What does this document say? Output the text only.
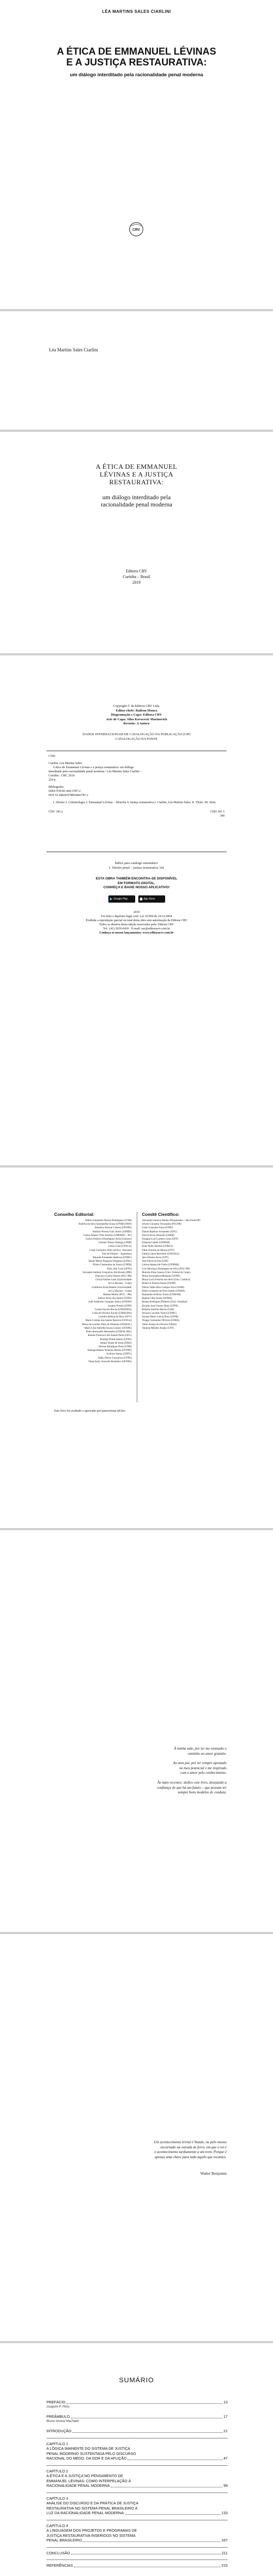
LÉA MARTINS SALES CIARLINI
A ÉTICA DE EMMANUEL LÉVINAS
E A JUSTIÇA RESTAURATIVA:
um diálogo interditado pela racionalidade penal moderna
CRV
Léa Martins Sales Ciarlini
A ÉTICA DE EMMANUEL
LÉVINAS E A JUSTIÇA
RESTAURATIVA:
um diálogo interditado pela
racionalidade penal moderna
Editora CRV
Curitiba – Brasil
2019
Copyright © da Editora CRV Ltda.
Editor-chefe: Railson Moura
Diagramação e Capa: Editora CRV
Arte de Capa: Silzo Kovacevic Marinovich
Revisão: A Autora
DADOS INTERNACIONAIS DE CATALOGAÇÃO NA PUBLICAÇÃO (CIP)
CATALOGAÇÃO NA FONTE
C566
Ciarlini, Léa Martins Sales.
A ética de Emmanuel Lévinas e a justiça restaurativa: um diálogo
interditado pela racionalidade penal moderna / Léa Martins Sales Ciarlini –
Curitiba : CRV, 2019.
224 p.
Bibliografia
ISBN 978-85-444-3787-2
DOI 10.24824/978854443787.2
1. Direito 2. Criminologia 3. Emmanuel Lévinas – filosofia 4. Justiça restaurativa I. Ciarlini, Léa Martins Sales. II. Título. III. Série.
CDU 343.2	CDD 341.5
340
Índice para catálogo sistemático
1. Direito penal – justiça restaurativa 341
ESTA OBRA TAMBÉM ENCONTRA-SE DISPONÍVEL
EM FORMATO DIGITAL.
CONHEÇA E BAIXE NOSSO APLICATIVO!
Google Play	App Store
2019
Foi feito o depósito legal conf. Lei 10.994 de 14/12/2004
Proibida a reprodução parcial ou total desta obra sem autorização da Editora CRV
Todos os direitos desta edição reservados pela: Editora CRV
Tel.: (41) 3039-6418 - E-mail: sac@editoracrv.com.br
Conheça os nossos lançamentos: www.editoracrv.com.br
Conselho Editorial:	Comitê Científico:
Aldira Guimarães Duarte Domínguez (UNB)
Andréia da Silva Quintanilha Sousa (UNIR/UFRN)
Anselmo Alencar Colares (UFOPA)
Antônio Pereira Gaio Júnior (UFRRJ)
Carlos Alberto Vilar Estêvão (UMINHO – PT)
Carlos Federico Dominguez Avila (Unieuro)
Carmen Tereza Velanga (UNIR)
Celso Conti (UFSCar)
Cesar Gerónimo Tello (Univer .Nacional
Três de Febrero – Argentina)
Eduardo Fernandes Barbosa (UFMG)
Elione Maria Nogueira Diogenes (UFAL)
Elizeu Clementino de Souza (UNEB)
Élsio José Corá (UFFS)
Fernando Antônio Gonçalves Alcoforado (IPB)
Francisco Carlos Duarte (PUC-PR)
Gloria Fariñas León (Universidade
de La Havana – Cuba)
Guillermo Arias Beatón (Universidade
de La Havana – Cuba)
Helmut Muller (PUC – PR)
Jailson Alves dos Santos (UFRJ)
João Adalberto Campato Junior (UNESP)
Josania Portela (UFPI)
Leonel Severo Rocha (UNISINOS)
Lídia de Oliveira Xavier (UNIEURO)
Lourdes Helena da Silva (UFV)
Maria Cristina dos Santos Bezerra (UFSCar)
Maria de Lourdes Pinto de Almeida (UNOESC)
Maria Lília Imbiriba Sousa Colares (UFOPA)
Paulo Romualdo Hernandes (UNIFAL-MG)
Renato Francisco dos Santos Paula (UFG)
Rodrigo Pratte-Santos (UFES)
Sérgio Nunes de Jesus (IFRO)
Simone Rodrigues Pinto (UNB)
Solange Helena Ximenes-Rocha (UFOPA)
Sydione Santos (UEPG)
Tadeu Oliver Gonçalves (UFPA)
Tania Suely Azevedo Brasileiro (UFOPA)
Alexandre Saraiva Dantas (Pesquisador – São Paulo/SP)
Alvaro Gonzalez Fernandez (PUCPR)
Celso Gonzalez Fiuza (UFRJ)
Daniel Ramirez Fernandez (UFU)
Deivid Alves Almeida (UNEB)
Douglas Luís Cardoso Lima (UFF)
Eduardo Cambi (UNIPAR)
Elias Pedro Salomé (UFRGS)
Fábio Ferreira de Moura (UFT)
Fátima Gama Bortoloto (UNIVALI)
Jairo Pereira Alves (UFF)
José Flávio da Paz (USP)
Larissa Aparecida Vieira (UNIPAR)
Luiz Henrique Domingues da Silva (PUC-PR)
Marcelo Pinto Soares (Univ. Federal de Goiás)
Maria Auxiliadora Mesquita (UFPB)
Maria Lucia Ferreira dos Reis (Univ. Católica)
Mauricio Pereira Nunes (UENP)
Nilson Tadeu Reis Campos Silva (UEM)
Pedro Leonardo da Silva Santos (UEMA)
Raimundo de Brito Torres (UNIFOR)
Regina Célia Souza (UFMA)
Renata Rodrigues Pinheiro (Univ. Estadual)
Ricardo José Gomes Diniz (UFPE)
Roberto Antônio Barros (UnB)
Silvana Carvalho Vieira (UFMG)
Suzana Maria Garcia Pires (UFPR)
Thiago Guimarães Oliveira (UFBA)
Valter Araújo de Oliveira (UERJ)
Vanessa Mendes Araújo (UFF)
Este livro foi avaliado e aprovado por pareceristas ad hoc.
À minha mãe, por ter me ensinado o
caminho ao amor gratuito.
Ao meu pai, por ter sempre apostado
no meu potencial e me inspirado
com o amor pelo conhecimento.
Às mais recentes: dedico este livro, desejando a
confiança de que há um futuro – que possam ter
sempre bons modelos de conduta.
Um acontecimento trivial é Natale, ou pelo menos
encarnado na estrada de ferro, em que o rei é
o acontecimento tardiamente a um trem. Porque é
apenas uma chave para tudo aquilo que tocamos.
Walter Benjamin
SUMÁRIO
PREFÁCIO	13
Joaquim P. Pires
PREÂMBULO	17
Bruno Amaral Machado
INTRODUÇÃO	21
CAPÍTULO 1
A LÓGICA IMANENTE DO SISTEMA DE JUSTIÇA
PENAL MODERNO SUSTENTADA PELO DISCURSO
RACIONAL DO MEDO, DA DOR E DA AFLIÇÃO	47
CAPÍTULO 2
A ÉTICA E A JUSTIÇA NO PENSAMENTO DE
EMMANUEL LÉVINAS: COMO INTERPELAÇÃO À
RACIONALIDADE PENAL MODERNA	99
CAPÍTULO 3
ANÁLISE DO DISCURSO E DA PRÁTICA DE JUSTIÇA
RESTAURATIVA NO SISTEMA PENAL BRASILEIRO À
LUZ DA RACIONALIDADE PENAL MODERNA	133
CAPÍTULO 4
A LINGUAGEM DOS PROJETOS E PROGRAMAS DE
JUSTIÇA RESTAURATIVA INSERIDOS NO SISTEMA
PENAL BRASILEIRO	167
CONCLUSÃO	211
REFERÊNCIAS	215
